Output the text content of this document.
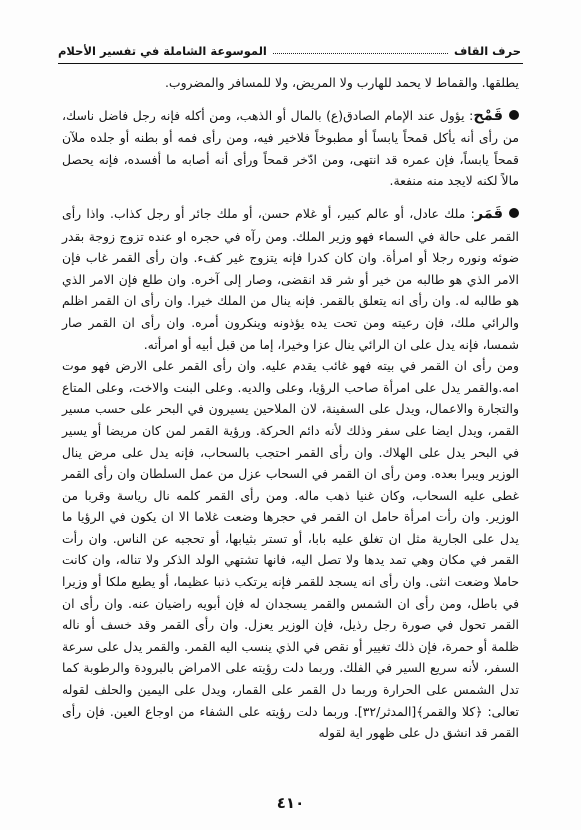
حرف القاف
الموسوعة الشاملة في تفسير الأحلام

يطلقها. والقماط لا يحمد للهارب ولا المريض، ولا للمسافر والمضروب.

قَمْح: يؤول عند الإمام الصادق(ع) بالمال أو الذهب، ومن أكله فإنه رجل فاضل ناسك، من رأى أنه يأكل قمحاً يابساً أو مطبوخاً فلاخير فيه، ومن رأى فمه أو بطنه أو جلده ملآن قمحاً يابساً، فإن عمره قد انتهى، ومن ادّخر قمحاً ورأى أنه أصابه ما أفسده، فإنه يحصل مالاً لكنه لايجد منه منفعة.

قَمَر: ملك عادل، أو عالم كبير، أو غلام حسن، أو ملك جائر أو رجل كذاب. واذا رأى القمر على حالة في السماء فهو وزير الملك. ومن رآه في حجره او عنده تزوج زوجة بقدر ضوئه ونوره رجلا أو امرأة. وان كان كدرا فإنه يتزوج غير كفء. وان رأى القمر غاب فإن الامر الذي هو طالبه من خير أو شر قد انقضى، وصار إلى آخره. وان طلع فإن الامر الذي هو طالبه له. وان رأى انه يتعلق بالقمر. فإنه ينال من الملك خيرا. وان رأى ان القمر اظلم والرائي ملك، فإن رعيته ومن تحت يده يؤذونه وينكرون أمره. وان رأى ان القمر صار شمسا، فإنه يدل على ان الرائي ينال عزا وخيرا، إما من قبل أبيه أو امرأته.

ومن رأى ان القمر في بيته فهو غائب يقدم عليه. وان رأى القمر على الارض فهو موت امه.والقمر يدل على امرأة صاحب الرؤيا، وعلى والديه. وعلى البنت والاخت، وعلى المتاع والتجارة والاعمال، ويدل على السفينة، لان الملاحين يسيرون في البحر على حسب مسير القمر، ويدل ايضا على سفر وذلك لأنه دائم الحركة. ورؤية القمر لمن كان مريضا أو يسير في البحر يدل على الهلاك. وان رأى القمر احتجب بالسحاب، فإنه يدل على مرض ينال الوزير ويبرا بعده. ومن رأى ان القمر في السحاب عزل من عمل السلطان وان رأى القمر غطى عليه السحاب، وكان غنيا ذهب ماله. ومن رأى القمر كلمه نال رياسة وقربا من الوزير. وان رأت امرأة حامل ان القمر في حجرها وضعت غلاما الا ان يكون في الرؤيا ما يدل على الجارية مثل ان تغلق عليه بابا، أو تستر بثيابها، أو تحجبه عن الناس. وان رأت القمر في مكان وهي تمد يدها ولا تصل اليه، فانها تشتهي الولد الذكر ولا تناله، وان كانت حاملا وضعت انثى. وان رأى انه يسجد للقمر فإنه يرتكب ذنبا عظيما، أو يطيع ملكا أو وزيرا في باطل، ومن رأى ان الشمس والقمر يسجدان له فإن أبويه راضيان عنه. وان رأى ان القمر تحول في صورة رجل رذيل، فإن الوزير يعزل. وان رأى القمر وقد خسف أو ناله ظلمة أو حمرة، فإن ذلك تغيير أو نقص في الذي ينسب اليه القمر. والقمر يدل على سرعة السفر، لأنه سريع السير في الفلك. وربما دلت رؤيته على الامراض بالبرودة والرطوبة كما تدل الشمس على الحرارة وربما دل القمر على القمار، ويدل على اليمين والحلف لقوله تعالى: ﴿كلا والقمر﴾[المدثر/٣٢]. وربما دلت رؤيته على الشفاء من اوجاع العين. فإن رأى القمر قد انشق دل على ظهور اية لقوله

٤١٠
